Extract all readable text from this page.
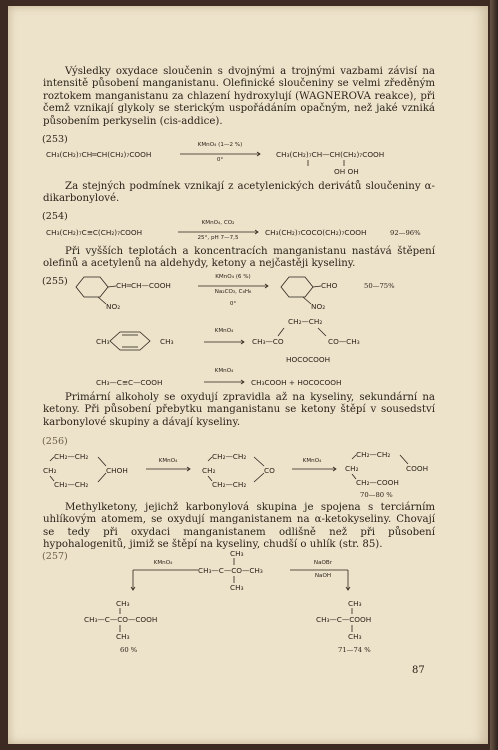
Výsledky oxydace sloučenin s dvojnými a trojnými vazbami závisí na intensitě působení manganistanu. Olefinické sloučeniny se velmi zředěným roztokem manganistanu za chlazení hydroxylují (WAGNEROVA reakce), při čemž vznikají glykoly se sterickým uspořádáním opačným, než jaké vzniká působením perkyselin (cis-addice).

(253)
CH₃(CH₂)₇CH═CH(CH₂)₇COOH
KMnO₄ (1—2 %)
0°
CH₃(CH₂)₇CH—CH(CH₂)₇COOH
OH OH

Za stejných podmínek vznikají z acetylenických derivátů sloučeniny α-dikarbonylové.

(254)
CH₃(CH₂)₇C≡C(CH₂)₇COOH
KMnO₄, CO₂
25°, pH 7—7,5
CH₃(CH₂)₇COCO(CH₂)₇COOH	92—96%

Při vyšších teplotách a koncentracích manganistanu nastává štěpení olefinů a acetylenů na aldehydy, ketony a nejčastěji kyseliny.

(255)	CH═CH—COOH
NO₂
KMnO₄ (6 %)
Na₂CO₃, C₆H₆
0°
CHO
NO₂
50—75%
CH₃	CH₃
KMnO₄
CH₂—CH₂
CH₃—CO	CO—CH₃
HOCOCOOH
CH₃—C≡C—COOH
KMnO₄
CH₃COOH + HOCOCOOH

Primární alkoholy se oxydují zpravidla až na kyseliny, sekundární na ketony. Při působení přebytku manganistanu se ketony štěpí v sousedství karbonylové skupiny a dávají kyseliny.

(256)
CH₂—CH₂
CH₂	CHOH
CH₂—CH₂
KMnO₄	CH₂—CH₂
CH₂	CO
CH₂—CH₂
KMnO₄
CH₂—CH₂
CH₂	COOH
CH₂—COOH
70—80 %

Methylketony, jejichž karbonylová skupina je spojena s terciárním uhlíkovým atomem, se oxydují manganistanem na α-ketokyseliny. Chovají se tedy při oxydaci manganistanem odlišně než při působení hypohalogenitů, jimiž se štěpí na kyseliny, chudší o uhlík (str. 85).

(257)	CH₃
CH₃—C—CO—CH₃
CH₃
KMnO₄	NaOBr
NaOH
CH₃
CH₃—C—CO—COOH
CH₃
60 %
CH₃
CH₃—C—COOH
CH₃
71—74 %
87
